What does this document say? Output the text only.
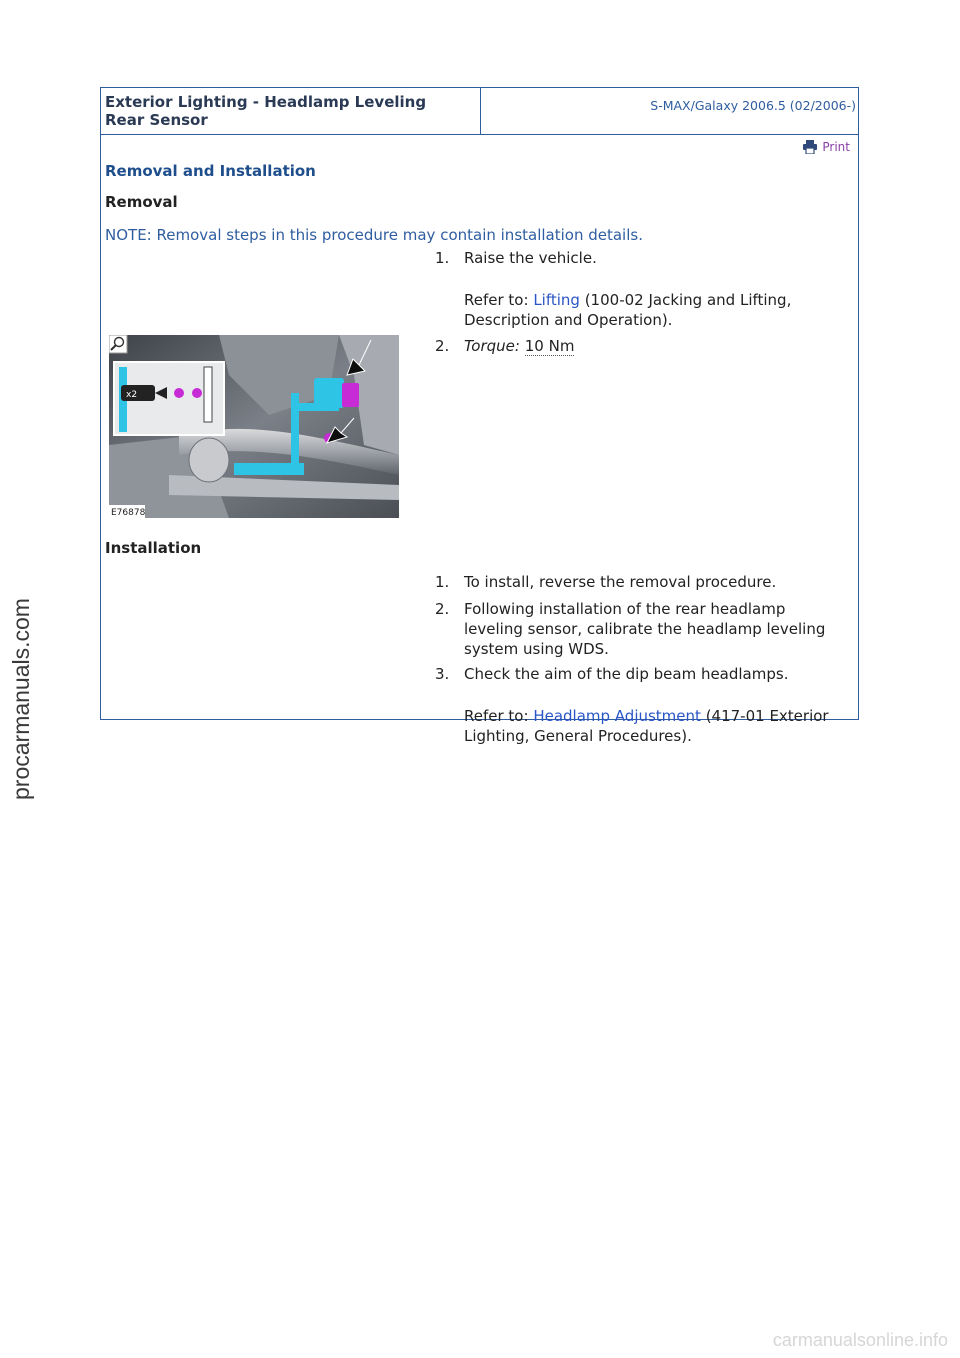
Exterior Lighting - Headlamp Leveling
Rear Sensor
S-MAX/Galaxy 2006.5 (02/2006-)
Print
Removal and Installation
Removal
NOTE: Removal steps in this procedure may contain installation details.
1. Raise the vehicle.
Refer to: Lifting (100-02 Jacking and Lifting,
Description and Operation).
2. Torque: 10 Nm
x2
E76878
Installation
1. To install, reverse the removal procedure.
2. Following installation of the rear headlamp
leveling sensor, calibrate the headlamp leveling
system using WDS.
3. Check the aim of the dip beam headlamps.
Refer to: Headlamp Adjustment (417-01 Exterior
Lighting, General Procedures).
procarmanuals.com
carmanualsonline.info
